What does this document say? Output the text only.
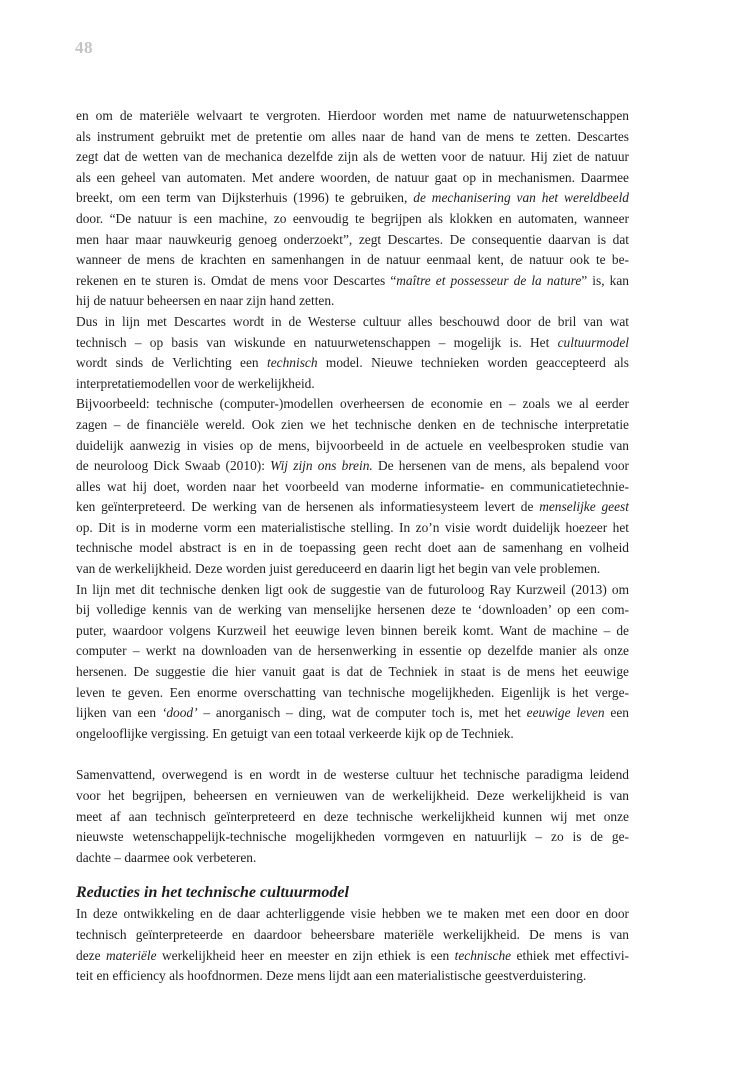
48
en om de materiële welvaart te vergroten. Hierdoor worden met name de natuurwetenschappen
als instrument gebruikt met de pretentie om alles naar de hand van de mens te zetten. Descartes
zegt dat de wetten van de mechanica dezelfde zijn als de wetten voor de natuur. Hij ziet de natuur
als een geheel van automaten. Met andere woorden, de natuur gaat op in mechanismen. Daarmee
breekt, om een term van Dijksterhuis (1996) te gebruiken, de mechanisering van het wereldbeeld
door. “De natuur is een machine, zo eenvoudig te begrijpen als klokken en automaten, wanneer
men haar maar nauwkeurig genoeg onderzoekt”, zegt Descartes. De consequentie daarvan is dat
wanneer de mens de krachten en samenhangen in de natuur eenmaal kent, de natuur ook te be-
rekenen en te sturen is. Omdat de mens voor Descartes “maître et possesseur de la nature” is, kan
hij de natuur beheersen en naar zijn hand zetten.
Dus in lijn met Descartes wordt in de Westerse cultuur alles beschouwd door de bril van wat
technisch – op basis van wiskunde en natuurwetenschappen – mogelijk is. Het cultuurmodel
wordt sinds de Verlichting een technisch model. Nieuwe technieken worden geaccepteerd als
interpretatiemodellen voor de werkelijkheid.
Bijvoorbeeld: technische (computer-)modellen overheersen de economie en – zoals we al eerder
zagen – de financiële wereld. Ook zien we het technische denken en de technische interpretatie
duidelijk aanwezig in visies op de mens, bijvoorbeeld in de actuele en veelbesproken studie van
de neuroloog Dick Swaab (2010): Wij zijn ons brein. De hersenen van de mens, als bepalend voor
alles wat hij doet, worden naar het voorbeeld van moderne informatie- en communicatietechnie-
ken geïnterpreteerd. De werking van de hersenen als informatiesysteem levert de menselijke geest
op. Dit is in moderne vorm een materialistische stelling. In zo’n visie wordt duidelijk hoezeer het
technische model abstract is en in de toepassing geen recht doet aan de samenhang en volheid
van de werkelijkheid. Deze worden juist gereduceerd en daarin ligt het begin van vele problemen.
In lijn met dit technische denken ligt ook de suggestie van de futuroloog Ray Kurzweil (2013) om
bij volledige kennis van de werking van menselijke hersenen deze te ‘downloaden’ op een com-
puter, waardoor volgens Kurzweil het eeuwige leven binnen bereik komt. Want de machine – de
computer – werkt na downloaden van de hersenwerking in essentie op dezelfde manier als onze
hersenen. De suggestie die hier vanuit gaat is dat de Techniek in staat is de mens het eeuwige
leven te geven. Een enorme overschatting van technische mogelijkheden. Eigenlijk is het verge-
lijken van een ‘dood’ – anorganisch – ding, wat de computer toch is, met het eeuwige leven een
ongelooflijke vergissing. En getuigt van een totaal verkeerde kijk op de Techniek.
Samenvattend, overwegend is en wordt in de westerse cultuur het technische paradigma leidend
voor het begrijpen, beheersen en vernieuwen van de werkelijkheid. Deze werkelijkheid is van
meet af aan technisch geïnterpreteerd en deze technische werkelijkheid kunnen wij met onze
nieuwste wetenschappelijk-technische mogelijkheden vormgeven en natuurlijk – zo is de ge-
dachte – daarmee ook verbeteren.
Reducties in het technische cultuurmodel
In deze ontwikkeling en de daar achterliggende visie hebben we te maken met een door en door
technisch geïnterpreteerde en daardoor beheersbare materiële werkelijkheid. De mens is van
deze materiële werkelijkheid heer en meester en zijn ethiek is een technische ethiek met effectivi-
teit en efficiency als hoofdnormen. Deze mens lijdt aan een materialistische geestverduistering.
